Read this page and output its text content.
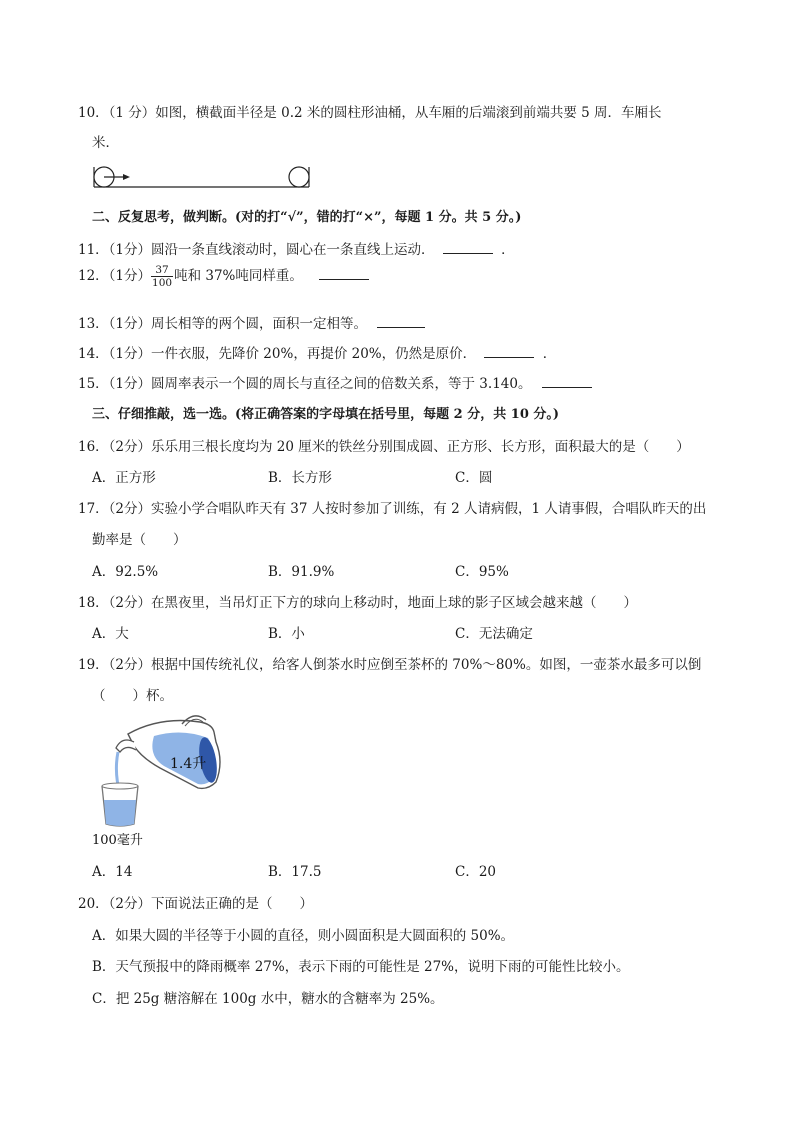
10．（1 分）如图，横截面半径是 0.2 米的圆柱形油桶，从车厢的后端滚到前端共要 5 周．车厢长
米．
二、反复思考，做判断。(对的打“√”，错的打“×”，每题 1 分。共 5 分。)
11．（1分）圆沿一条直线滚动时，圆心在一条直线上运动．	．
12．（1分） $\frac{37}{100}$ 吨和 37%吨同样重。
13．（1分）周长相等的两个圆，面积一定相等。
14．（1分）一件衣服，先降价 20%，再提价 20%，仍然是原价．	．
15．（1分）圆周率表示一个圆的周长与直径之间的倍数关系，等于 3.140。
三、仔细推敲，选一选。(将正确答案的字母填在括号里，每题 2 分，共 10 分。)
16．（2分）乐乐用三根长度均为 20 厘米的铁丝分别围成圆、正方形、长方形，面积最大的是（　　）
A．正方形	B．长方形	C．圆
17．（2分）实验小学合唱队昨天有 37 人按时参加了训练，有 2 人请病假，1 人请事假，合唱队昨天的出
勤率是（　　）
A．92.5%	B．91.9%	C．95%
18．（2分）在黑夜里，当吊灯正下方的球向上移动时，地面上球的影子区域会越来越（　　）
A．大	B．小	C．无法确定
19．（2分）根据中国传统礼仪，给客人倒茶水时应倒至茶杯的 70%～80%。如图，一壶茶水最多可以倒
（　　）杯。
1.4升
100毫升
A．14	B．17.5	C．20
20．（2分）下面说法正确的是（　　）
A．如果大圆的半径等于小圆的直径，则小圆面积是大圆面积的 50%。
B．天气预报中的降雨概率 27%，表示下雨的可能性是 27%，说明下雨的可能性比较小。
C．把 25g 糖溶解在 100g 水中，糖水的含糖率为 25%。
